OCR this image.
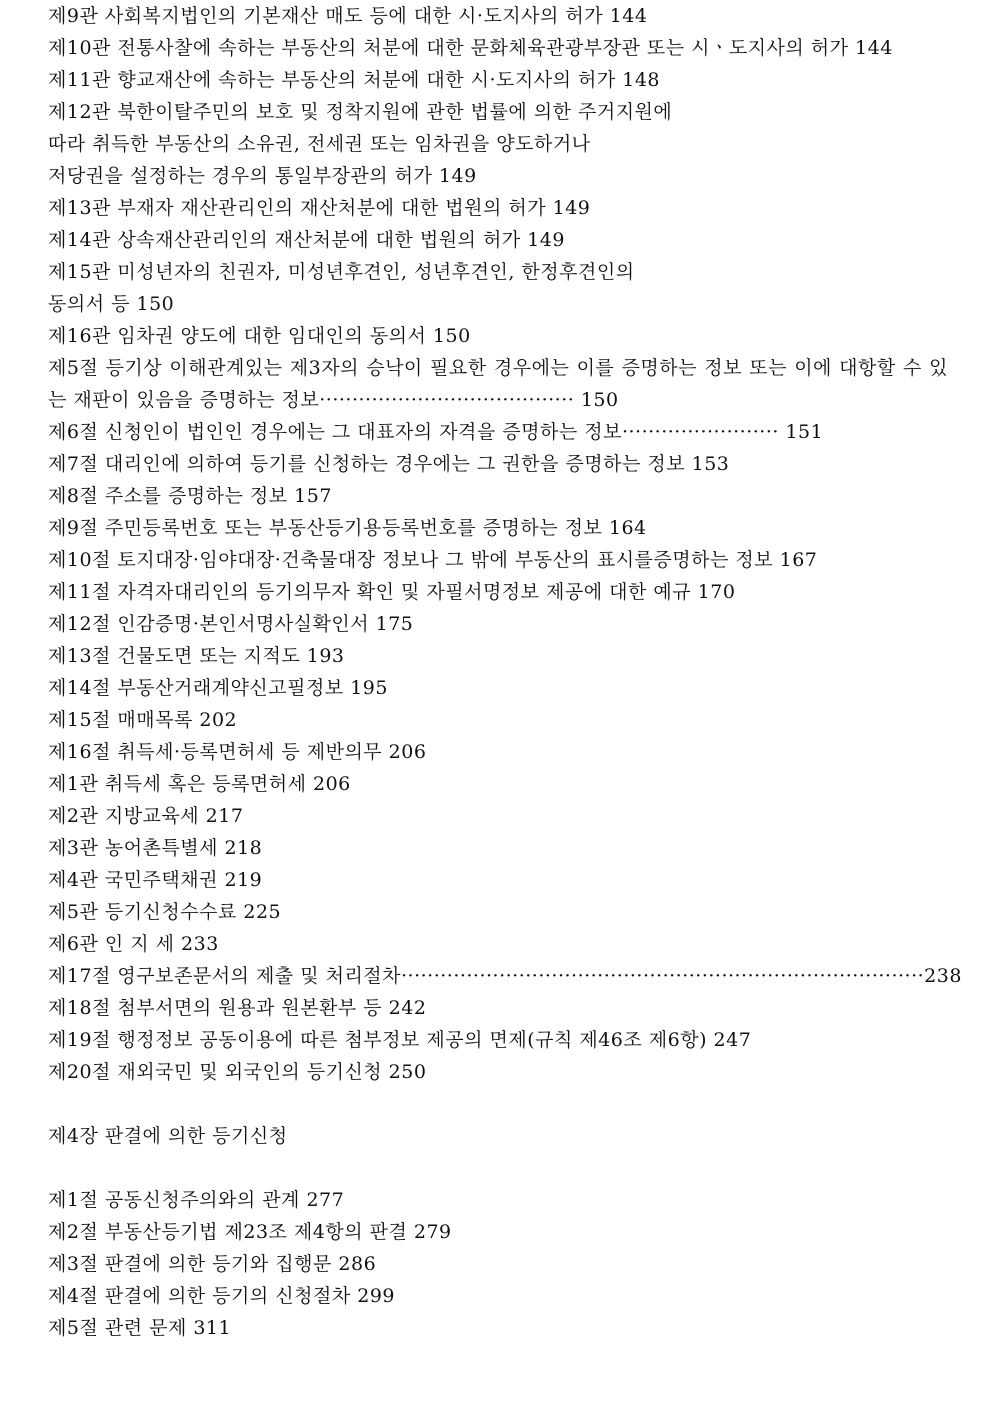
제9관 사회복지법인의 기본재산 매도 등에 대한 시·도지사의 허가 144
제10관 전통사찰에 속하는 부동산의 처분에 대한 문화체육관광부장관 또는 시ㆍ도지사의 허가 144
제11관 향교재산에 속하는 부동산의 처분에 대한 시·도지사의 허가 148
제12관 북한이탈주민의 보호 및 정착지원에 관한 법률에 의한 주거지원에
따라 취득한 부동산의 소유권, 전세권 또는 임차권을 양도하거나
저당권을 설정하는 경우의 통일부장관의 허가 149
제13관 부재자 재산관리인의 재산처분에 대한 법원의 허가 149
제14관 상속재산관리인의 재산처분에 대한 법원의 허가 149
제15관 미성년자의 친권자, 미성년후견인, 성년후견인, 한정후견인의
동의서 등 150
제16관 임차권 양도에 대한 임대인의 동의서 150
제5절 등기상 이해관계있는 제3자의 승낙이 필요한 경우에는 이를 증명하는 정보 또는 이에 대항할 수 있는 재판이 있음을 증명하는 정보······································· 150
제6절 신청인이 법인인 경우에는 그 대표자의 자격을 증명하는 정보························ 151
제7절 대리인에 의하여 등기를 신청하는 경우에는 그 권한을 증명하는 정보 153
제8절 주소를 증명하는 정보 157
제9절 주민등록번호 또는 부동산등기용등록번호를 증명하는 정보 164
제10절 토지대장·임야대장·건축물대장 정보나 그 밖에 부동산의 표시를증명하는 정보 167
제11절 자격자대리인의 등기의무자 확인 및 자필서명정보 제공에 대한 예규 170
제12절 인감증명·본인서명사실확인서 175
제13절 건물도면 또는 지적도 193
제14절 부동산거래계약신고필정보 195
제15절 매매목록 202
제16절 취득세·등록면허세 등 제반의무 206
제1관 취득세 혹은 등록면허세 206
제2관 지방교육세 217
제3관 농어촌특별세 218
제4관 국민주택채권 219
제5관 등기신청수수료 225
제6관 인 지 세 233
제17절 영구보존문서의 제출 및 처리절차················································································238
제18절 첨부서면의 원용과 원본환부 등 242
제19절 행정정보 공동이용에 따른 첨부정보 제공의 면제(규칙 제46조 제6항) 247
제20절 재외국민 및 외국인의 등기신청 250
제4장 판결에 의한 등기신청
제1절 공동신청주의와의 관계 277
제2절 부동산등기법 제23조 제4항의 판결 279
제3절 판결에 의한 등기와 집행문 286
제4절 판결에 의한 등기의 신청절차 299
제5절 관련 문제 311
